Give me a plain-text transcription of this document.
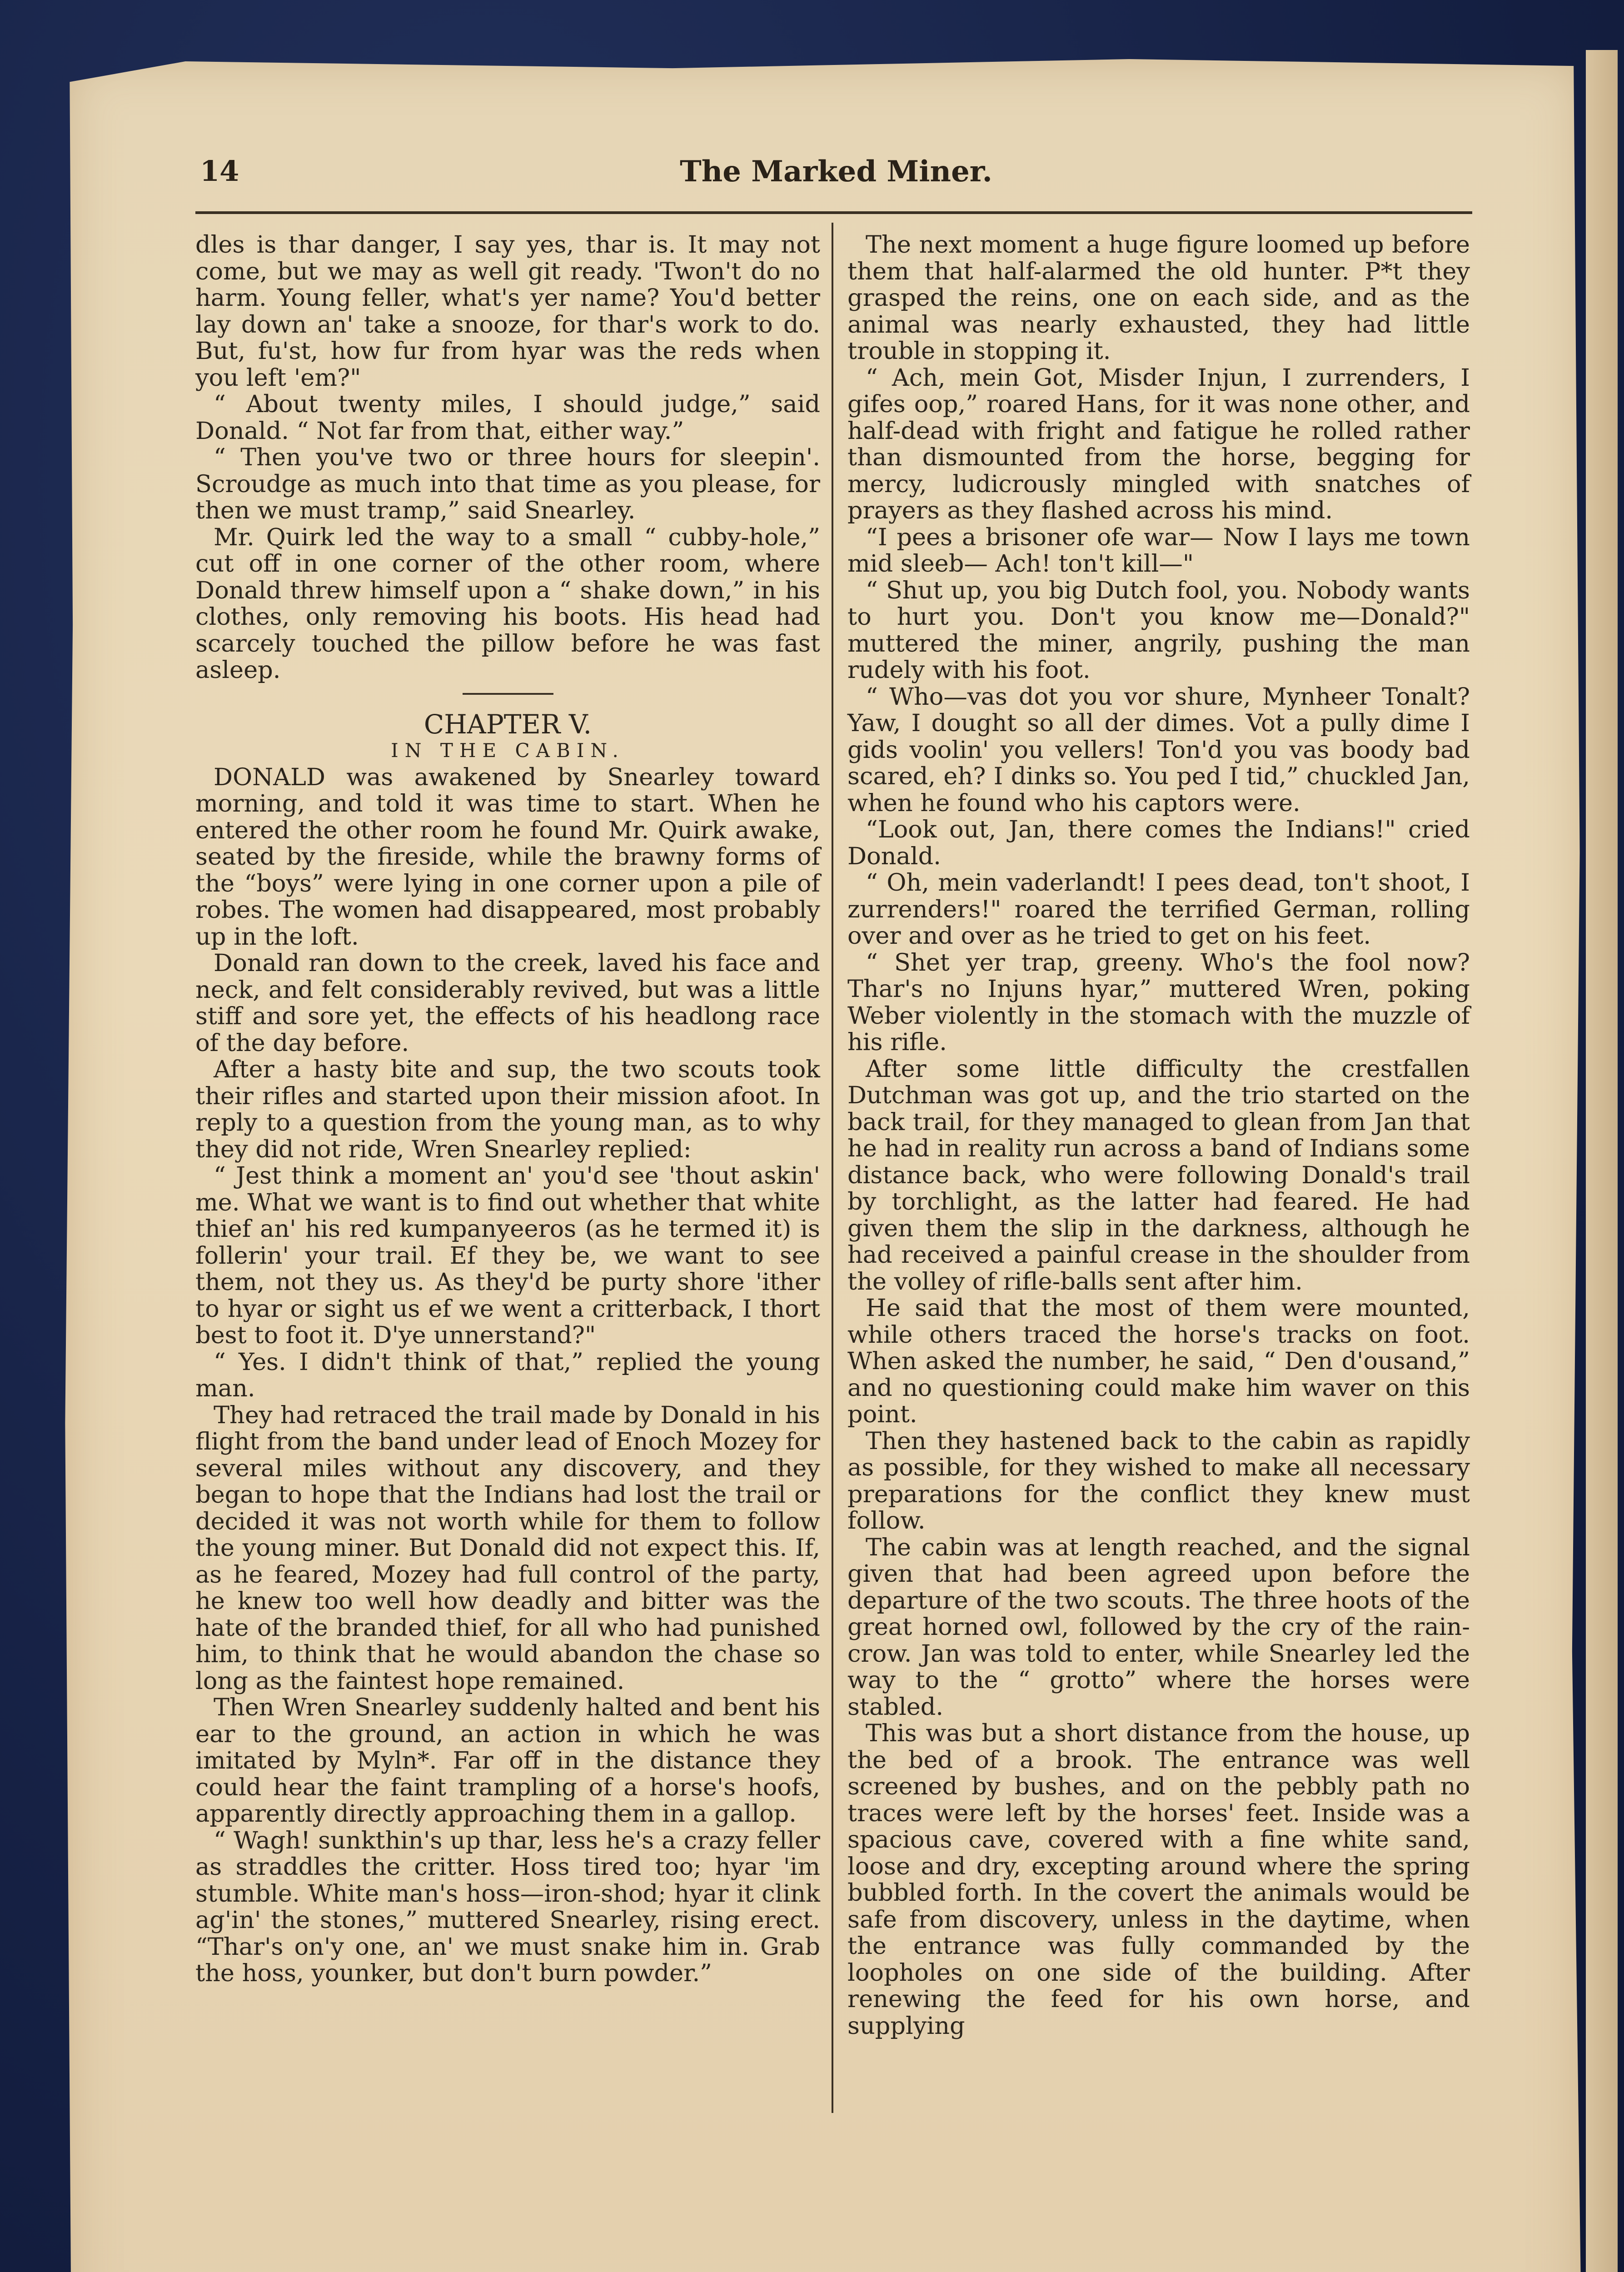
14	The Marked Miner.

dles is thar danger, I say yes, thar is. It may not come, but we may as well git ready. 'Twon't do no harm. Young feller, what's yer name? You'd better lay down an' take a snooze, for thar's work to do. But, fu'st, how fur from hyar was the reds when you left 'em?"

“ About twenty miles, I should judge,” said Donald. “ Not far from that, either way.”

“ Then you've two or three hours for sleepin'. Scroudge as much into that time as you please, for then we must tramp,” said Snearley.

Mr. Quirk led the way to a small “ cubby-hole,” cut off in one corner of the other room, where Donald threw himself upon a “ shake down,” in his clothes, only removing his boots. His head had scarcely touched the pillow before he was fast asleep.

CHAPTER V.

IN THE CABIN.

DONALD was awakened by Snearley toward morning, and told it was time to start. When he entered the other room he found Mr. Quirk awake, seated by the fireside, while the brawny forms of the “boys” were lying in one corner upon a pile of robes. The women had disappeared, most probably up in the loft.

Donald ran down to the creek, laved his face and neck, and felt considerably revived, but was a little stiff and sore yet, the effects of his headlong race of the day before.

After a hasty bite and sup, the two scouts took their rifles and started upon their mission afoot. In reply to a question from the young man, as to why they did not ride, Wren Snearley replied:

“ Jest think a moment an' you'd see 'thout askin' me. What we want is to find out whether that white thief an' his red kumpanyeeros (as he termed it) is follerin' your trail. Ef they be, we want to see them, not they us. As they'd be purty shore 'ither to hyar or sight us ef we went a critterback, I thort best to foot it. D'ye unnerstand?"

“ Yes. I didn't think of that,” replied the young man.

They had retraced the trail made by Donald in his flight from the band under lead of Enoch Mozey for several miles without any discovery, and they began to hope that the Indians had lost the trail or decided it was not worth while for them to follow the young miner. But Donald did not expect this. If, as he feared, Mozey had full control of the party, he knew too well how deadly and bitter was the hate of the branded thief, for all who had punished him, to think that he would abandon the chase so long as the faintest hope remained.

Then Wren Snearley suddenly halted and bent his ear to the ground, an action in which he was imitated by Myln*. Far off in the distance they could hear the faint trampling of a horse's hoofs, apparently directly approaching them in a gallop.

“ Wagh! sunkthin's up thar, less he's a crazy feller as straddles the critter. Hoss tired too; hyar 'im stumble. White man's hoss—iron-shod; hyar it clink ag'in' the stones,” muttered Snearley, rising erect. “Thar's on'y one, an' we must snake him in. Grab the hoss, younker, but don't burn powder.”

The next moment a huge figure loomed up before them that half-alarmed the old hunter. P*t they grasped the reins, one on each side, and as the animal was nearly exhausted, they had little trouble in stopping it.

“ Ach, mein Got, Misder Injun, I zurrenders, I gifes oop,” roared Hans, for it was none other, and half-dead with fright and fatigue he rolled rather than dismounted from the horse, begging for mercy, ludicrously mingled with snatches of prayers as they flashed across his mind.

“I pees a brisoner ofe war— Now I lays me town mid sleeb— Ach! ton't kill—"

“ Shut up, you big Dutch fool, you. Nobody wants to hurt you. Don't you know me—Donald?" muttered the miner, angrily, pushing the man rudely with his foot.

“ Who—vas dot you vor shure, Mynheer Tonalt? Yaw, I dought so all der dimes. Vot a pully dime I gids voolin' you vellers! Ton'd you vas boody bad scared, eh? I dinks so. You ped I tid,” chuckled Jan, when he found who his captors were.

“Look out, Jan, there comes the Indians!" cried Donald.

“ Oh, mein vaderlandt! I pees dead, ton't shoot, I zurrenders!" roared the terrified German, rolling over and over as he tried to get on his feet.

“ Shet yer trap, greeny. Who's the fool now? Thar's no Injuns hyar,” muttered Wren, poking Weber violently in the stomach with the muzzle of his rifle.

After some little difficulty the crestfallen Dutchman was got up, and the trio started on the back trail, for they managed to glean from Jan that he had in reality run across a band of Indians some distance back, who were following Donald's trail by torchlight, as the latter had feared. He had given them the slip in the darkness, although he had received a painful crease in the shoulder from the volley of rifle-balls sent after him.

He said that the most of them were mounted, while others traced the horse's tracks on foot. When asked the number, he said, “ Den d'ousand,” and no questioning could make him waver on this point.

Then they hastened back to the cabin as rapidly as possible, for they wished to make all necessary preparations for the conflict they knew must follow.

The cabin was at length reached, and the signal given that had been agreed upon before the departure of the two scouts. The three hoots of the great horned owl, followed by the cry of the rain-crow. Jan was told to enter, while Snearley led the way to the “ grotto” where the horses were stabled.

This was but a short distance from the house, up the bed of a brook. The entrance was well screened by bushes, and on the pebbly path no traces were left by the horses' feet. Inside was a spacious cave, covered with a fine white sand, loose and dry, excepting around where the spring bubbled forth. In the covert the animals would be safe from discovery, unless in the daytime, when the entrance was fully commanded by the loopholes on one side of the building. After renewing the feed for his own horse, and supplying
